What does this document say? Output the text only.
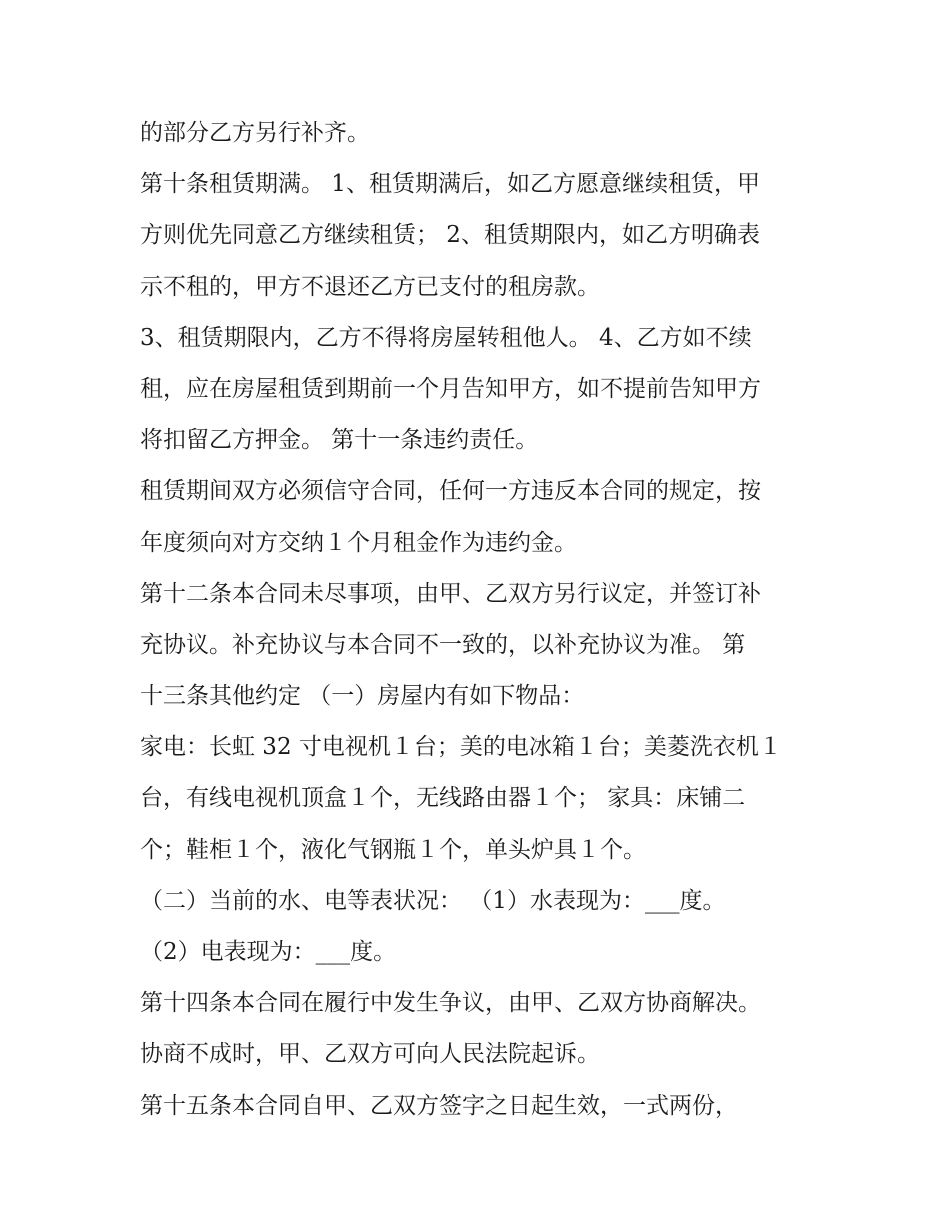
的部分乙方另行补齐。

第十条租赁期满。 1、租赁期满后，如乙方愿意继续租赁，甲
方则优先同意乙方继续租赁； 2、租赁期限内，如乙方明确表
示不租的，甲方不退还乙方已支付的租房款。

3、租赁期限内，乙方不得将房屋转租他人。 4、乙方如不续
租，应在房屋租赁到期前一个月告知甲方，如不提前告知甲方
将扣留乙方押金。 第十一条违约责任。

租赁期间双方必须信守合同，任何一方违反本合同的规定，按
年度须向对方交纳１个月租金作为违约金。

第十二条本合同未尽事项，由甲、乙双方另行议定，并签订补
充协议。补充协议与本合同不一致的，以补充协议为准。 第
十三条其他约定 （一）房屋内有如下物品：

家电：长虹 32 寸电视机１台；美的电冰箱１台；美菱洗衣机１
台，有线电视机顶盒１个，无线路由器１个； 家具：床铺二
个；鞋柜１个，液化气钢瓶１个，单头炉具１个。

（二）当前的水、电等表状况： （1）水表现为：___度。

（2）电表现为：___度。

第十四条本合同在履行中发生争议，由甲、乙双方协商解决。
协商不成时，甲、乙双方可向人民法院起诉。

第十五条本合同自甲、乙双方签字之日起生效，一式两份，
